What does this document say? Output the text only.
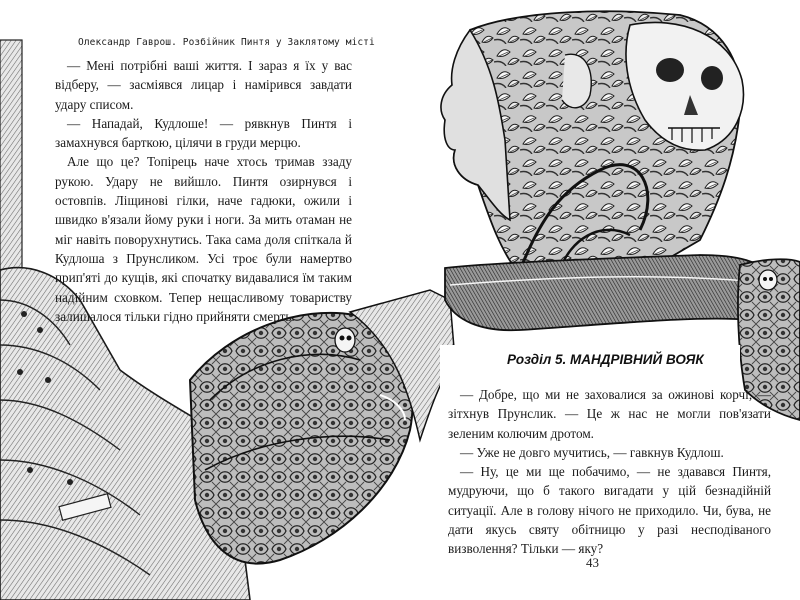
Олександр Гаврош. Розбійник Пинтя у Заклятому місті

— Мені потрібні ваші життя. І зараз я їх у вас відберу, — засміявся лицар і намірився завдати удару списом.

— Нападай, Кудлоше! — рявкнув Пинтя і замахнувся барткою, цілячи в груди мерцю.

Але що це? Топірець наче хтось тримав ззаду рукою. Удару не вийшло. Пинтя озирнувся і остовпів. Ліщинові гілки, наче гадюки, ожили і швидко в'язали йому руки і ноги. За мить отаман не міг навіть поворухнутись. Така сама доля спіткала й Кудлоша з Прунсликом. Усі троє були намертво прип'яті до кущів, які спочатку видавалися їм таким надійним сховком. Тепер нещасливому товариству залишалося тільки гідно прийняти смерть.

Розділ 5. МАНДРІВНИЙ ВОЯК

— Добре, що ми не заховалися за ожинові корчі, — зітхнув Прунслик. — Це ж нас не могли пов'язати зеленим колючим дротом.

— Уже не довго мучитись, — гавкнув Кудлош.

— Ну, це ми ще побачимо, — не здавався Пинтя, мудруючи, що б такого вигадати у цій безнадійній ситуації. Але в голову нічого не приходило. Чи, бува, не дати якусь святу обітницю у разі несподіваного визволення? Тільки — яку?

43
